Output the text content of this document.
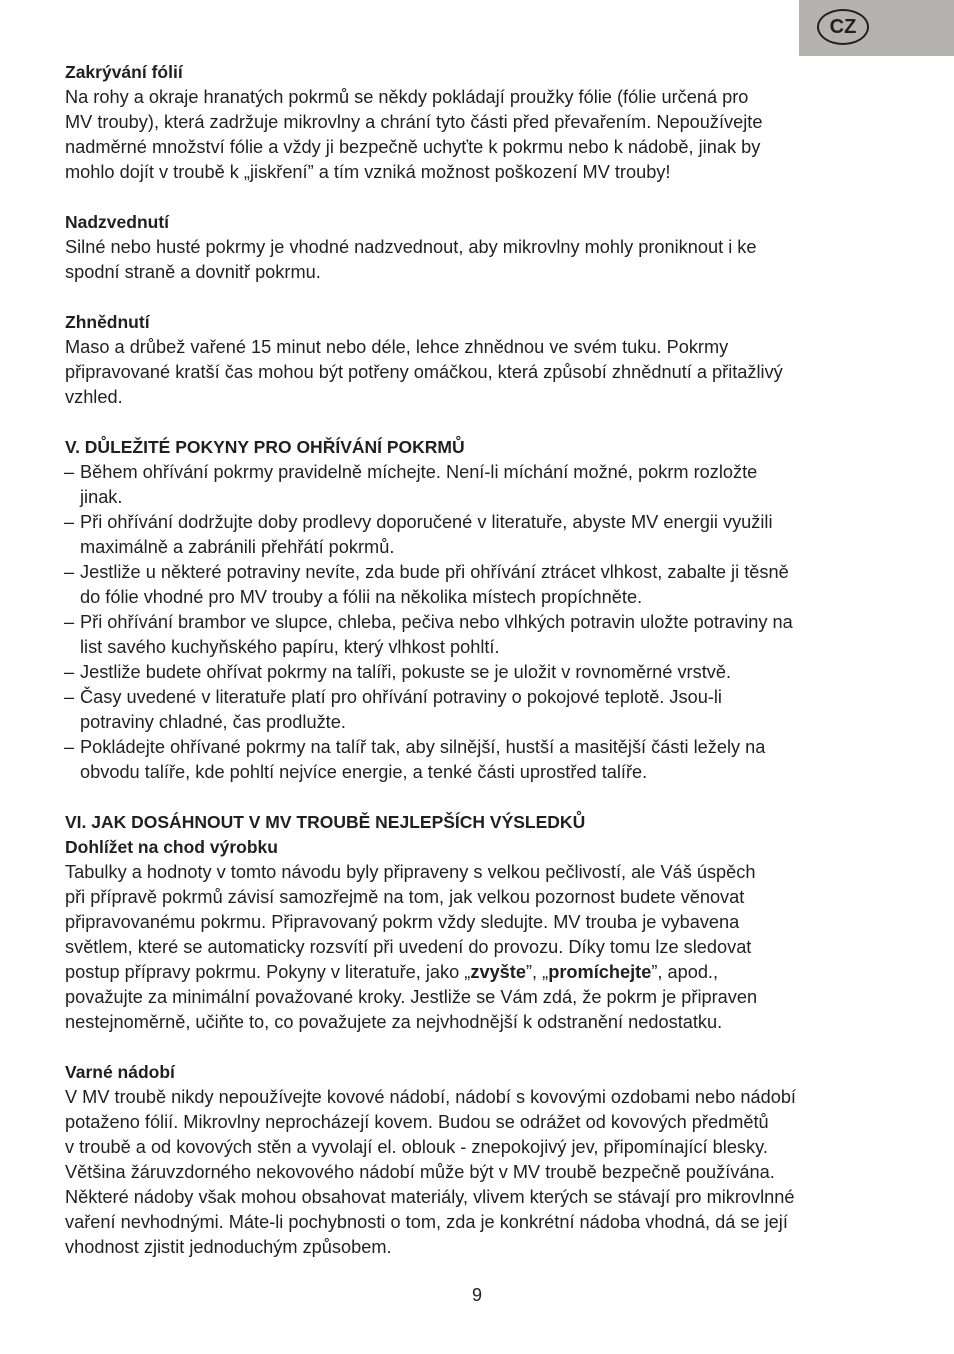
CZ

Zakrývání fólií

Na rohy a okraje hranatých pokrmů se někdy pokládají proužky fólie (fólie určená pro

MV trouby), která zadržuje mikrovlny a chrání tyto části před převařením. Nepoužívejte

nadměrné množství fólie a vždy ji bezpečně uchyťte k pokrmu nebo k nádobě, jinak by

mohlo dojít v troubě k „jiskření” a tím vzniká možnost poškození MV trouby!

Nadzvednutí

Silné nebo husté pokrmy je vhodné nadzvednout, aby mikrovlny mohly proniknout i ke

spodní straně a dovnitř pokrmu.

Zhnědnutí

Maso a drůbež vařené 15 minut nebo déle, lehce zhnědnou ve svém tuku. Pokrmy

připravované kratší čas mohou být potřeny omáčkou, která způsobí zhnědnutí a přitažlivý

vzhled.

V. DŮLEŽITÉ POKYNY PRO OHŘÍVÁNÍ POKRMŮ

– Během ohřívání pokrmy pravidelně míchejte. Není-li míchání možné, pokrm rozložte

jinak.

– Při ohřívání dodržujte doby prodlevy doporučené v literatuře, abyste MV energii využili

maximálně a zabránili přehřátí pokrmů.

– Jestliže u některé potraviny nevíte, zda bude při ohřívání ztrácet vlhkost, zabalte ji těsně

do fólie vhodné pro MV trouby a fólii na několika místech propíchněte.

– Při ohřívání brambor ve slupce, chleba, pečiva nebo vlhkých potravin uložte potraviny na

list savého kuchyňského papíru, který vlhkost pohltí.

– Jestliže budete ohřívat pokrmy na talíři, pokuste se je uložit v rovnoměrné vrstvě.

– Časy uvedené v literatuře platí pro ohřívání potraviny o pokojové teplotě. Jsou-li

potraviny chladné, čas prodlužte.

– Pokládejte ohřívané pokrmy na talíř tak, aby silnější, hustší a masitější části ležely na

obvodu talíře, kde pohltí nejvíce energie, a tenké části uprostřed talíře.

VI. JAK DOSÁHNOUT V MV TROUBĚ NEJLEPŠÍCH VÝSLEDKŮ

Dohlížet na chod výrobku

Tabulky a hodnoty v tomto návodu byly připraveny s velkou pečlivostí, ale Váš úspěch

při přípravě pokrmů závisí samozřejmě na tom, jak velkou pozornost budete věnovat

připravovanému pokrmu. Připravovaný pokrm vždy sledujte. MV trouba je vybavena

světlem, které se automaticky rozsvítí při uvedení do provozu. Díky tomu lze sledovat

postup přípravy pokrmu. Pokyny v literatuře, jako „zvyšte”, „promíchejte”, apod.,

považujte za minimální považované kroky. Jestliže se Vám zdá, že pokrm je připraven

nestejnoměrně, učiňte to, co považujete za nejvhodnější k odstranění nedostatku.

Varné nádobí

V MV troubě nikdy nepoužívejte kovové nádobí, nádobí s kovovými ozdobami nebo nádobí

potaženo fólií. Mikrovlny neprocházejí kovem. Budou se odrážet od kovových předmětů

v troubě a od kovových stěn a vyvolají el. oblouk - znepokojivý jev, připomínající blesky.

Většina žáruvzdorného nekovového nádobí může být v MV troubě bezpečně používána.

Některé nádoby však mohou obsahovat materiály, vlivem kterých se stávají pro mikrovlnné

vaření nevhodnými. Máte-li pochybnosti o tom, zda je konkrétní nádoba vhodná, dá se její

vhodnost zjistit jednoduchým způsobem.

9
